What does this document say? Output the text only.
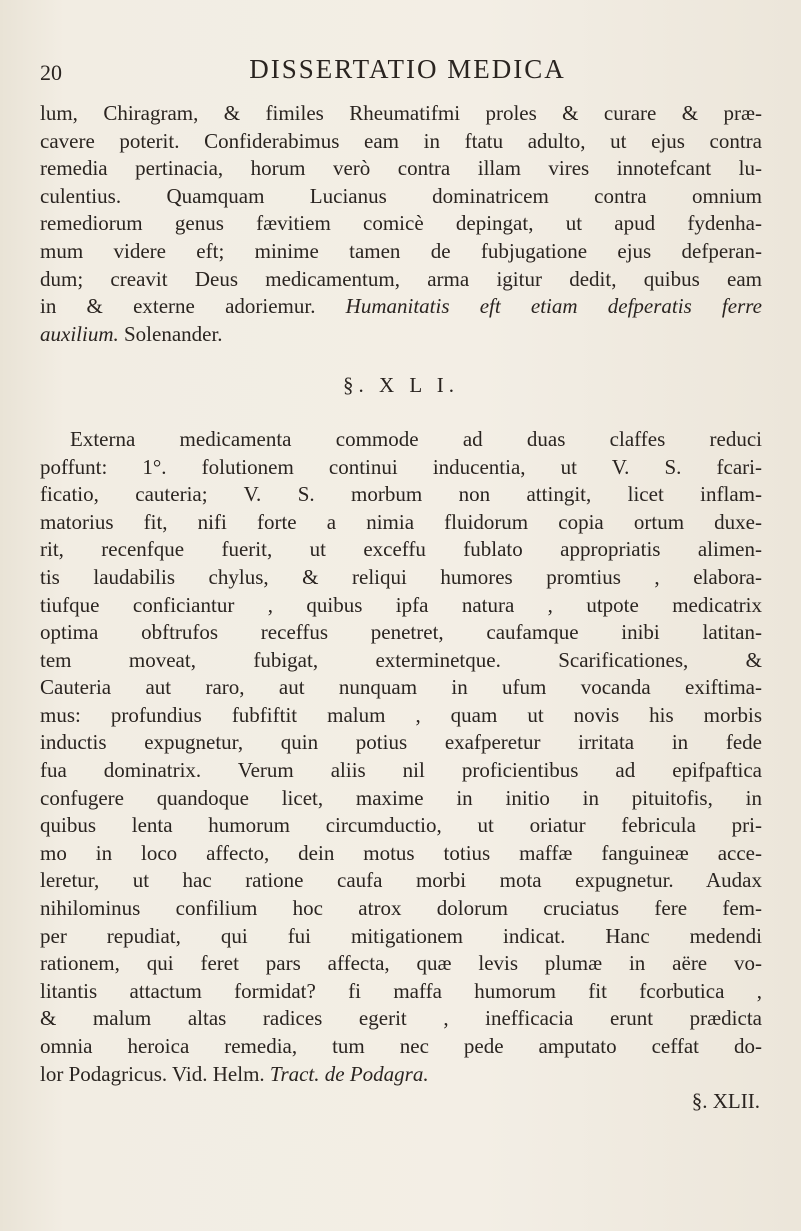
20	DISSERTATIO MEDICA
lum, Chiragram, & fimiles Rheumatifmi proles & curare & præ-
cavere poterit. Confiderabimus eam in ftatu adulto, ut ejus contra
remedia pertinacia, horum verò contra illam vires innotefcant lu-
culentius. Quamquam Lucianus dominatricem contra omnium
remediorum genus fævitiem comicè depingat, ut apud fydenha-
mum videre eft; minime tamen de fubjugatione ejus defperan-
dum; creavit Deus medicamentum, arma igitur dedit, quibus eam
in & externe adoriemur. Humanitatis eft etiam defperatis ferre
auxilium. Solenander.
§. X L I.
Externa medicamenta commode ad duas claffes reduci
poffunt: 1°. folutionem continui inducentia, ut V. S. fcari-
ficatio, cauteria; V. S. morbum non attingit, licet inflam-
matorius fit, nifi forte a nimia fluidorum copia ortum duxe-
rit, recenfque fuerit, ut exceffu fublato appropriatis alimen-
tis laudabilis chylus, & reliqui humores promtius , elabora-
tiufque conficiantur , quibus ipfa natura , utpote medicatrix
optima obftrufos receffus penetret, caufamque inibi latitan-
tem moveat, fubigat, exterminetque. Scarificationes, &
Cauteria aut raro, aut nunquam in ufum vocanda exiftima-
mus: profundius fubfiftit malum , quam ut novis his morbis
inductis expugnetur, quin potius exafperetur irritata in fede
fua dominatrix. Verum aliis nil proficientibus ad epifpaftica
confugere quandoque licet, maxime in initio in pituitofis, in
quibus lenta humorum circumductio, ut oriatur febricula pri-
mo in loco affecto, dein motus totius maffæ fanguineæ acce-
leretur, ut hac ratione caufa morbi mota expugnetur. Audax
nihilominus confilium hoc atrox dolorum cruciatus fere fem-
per repudiat, qui fui mitigationem indicat. Hanc medendi
rationem, qui feret pars affecta, quæ levis plumæ in aëre vo-
litantis attactum formidat? fi maffa humorum fit fcorbutica ,
& malum altas radices egerit , inefficacia erunt prædicta
omnia heroica remedia, tum nec pede amputato ceffat do-
lor Podagricus. Vid. Helm. Tract. de Podagra.
§. XLII.
